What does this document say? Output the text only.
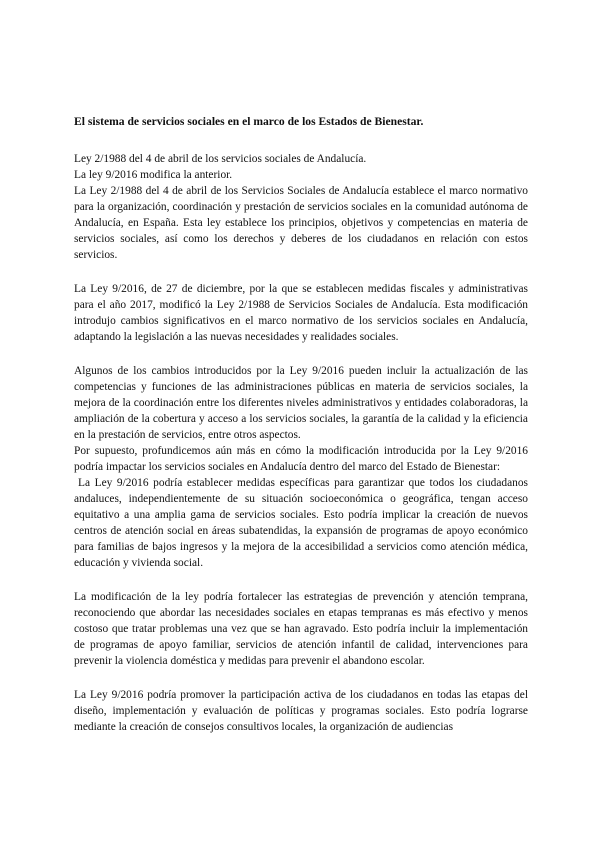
El sistema de servicios sociales en el marco de los Estados de Bienestar.

Ley 2/1988 del 4 de abril de los servicios sociales de Andalucía.

La ley 9/2016 modifica la anterior.

La Ley 2/1988 del 4 de abril de los Servicios Sociales de Andalucía establece el marco normativo para la organización, coordinación y prestación de servicios sociales en la comunidad autónoma de Andalucía, en España. Esta ley establece los principios, objetivos y competencias en materia de servicios sociales, así como los derechos y deberes de los ciudadanos en relación con estos servicios.

La Ley 9/2016, de 27 de diciembre, por la que se establecen medidas fiscales y administrativas para el año 2017, modificó la Ley 2/1988 de Servicios Sociales de Andalucía. Esta modificación introdujo cambios significativos en el marco normativo de los servicios sociales en Andalucía, adaptando la legislación a las nuevas necesidades y realidades sociales.

Algunos de los cambios introducidos por la Ley 9/2016 pueden incluir la actualización de las competencias y funciones de las administraciones públicas en materia de servicios sociales, la mejora de la coordinación entre los diferentes niveles administrativos y entidades colaboradoras, la ampliación de la cobertura y acceso a los servicios sociales, la garantía de la calidad y la eficiencia en la prestación de servicios, entre otros aspectos.

Por supuesto, profundicemos aún más en cómo la modificación introducida por la Ley 9/2016 podría impactar los servicios sociales en Andalucía dentro del marco del Estado de Bienestar:

La Ley 9/2016 podría establecer medidas específicas para garantizar que todos los ciudadanos andaluces, independientemente de su situación socioeconómica o geográfica, tengan acceso equitativo a una amplia gama de servicios sociales. Esto podría implicar la creación de nuevos centros de atención social en áreas subatendidas, la expansión de programas de apoyo económico para familias de bajos ingresos y la mejora de la accesibilidad a servicios como atención médica, educación y vivienda social.

La modificación de la ley podría fortalecer las estrategias de prevención y atención temprana, reconociendo que abordar las necesidades sociales en etapas tempranas es más efectivo y menos costoso que tratar problemas una vez que se han agravado. Esto podría incluir la implementación de programas de apoyo familiar, servicios de atención infantil de calidad, intervenciones para prevenir la violencia doméstica y medidas para prevenir el abandono escolar.

La Ley 9/2016 podría promover la participación activa de los ciudadanos en todas las etapas del diseño, implementación y evaluación de políticas y programas sociales. Esto podría lograrse mediante la creación de consejos consultivos locales, la organización de audiencias
